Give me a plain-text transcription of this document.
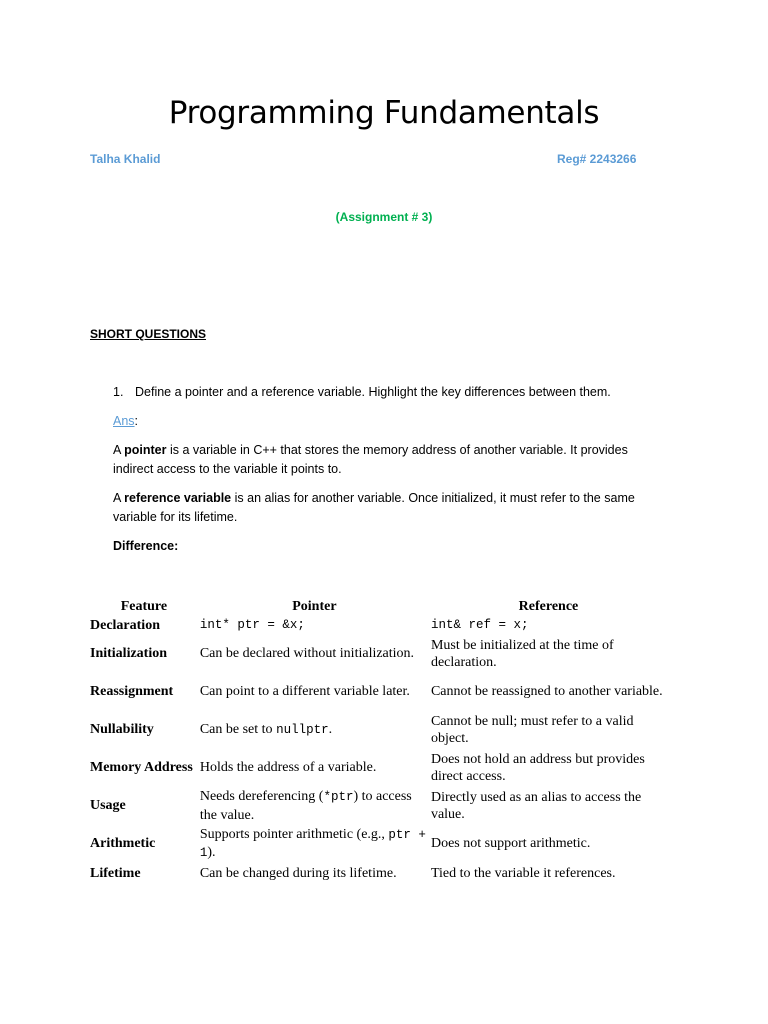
Programming Fundamentals
Talha Khalid	Reg# 2243266
(Assignment # 3)
SHORT QUESTIONS
1. Define a pointer and a reference variable. Highlight the key differences between them.
Ans:
A pointer is a variable in C++ that stores the memory address of another variable. It provides indirect access to the variable it points to.
A reference variable is an alias for another variable. Once initialized, it must refer to the same variable for its lifetime.
Difference:
Feature	Pointer	Reference
Declaration	int* ptr = &x;	int& ref = x;
Initialization	Can be declared without initialization.	Must be initialized at the time of declaration.
Reassignment	Can point to a different variable later.	Cannot be reassigned to another variable.
Nullability	Can be set to nullptr.	Cannot be null; must refer to a valid object.
Memory Address	Holds the address of a variable.	Does not hold an address but provides direct access.
Usage	Needs dereferencing (*ptr) to access the value.	Directly used as an alias to access the value.
Arithmetic	Supports pointer arithmetic (e.g., ptr + 1).	Does not support arithmetic.
Lifetime	Can be changed during its lifetime.	Tied to the variable it references.
